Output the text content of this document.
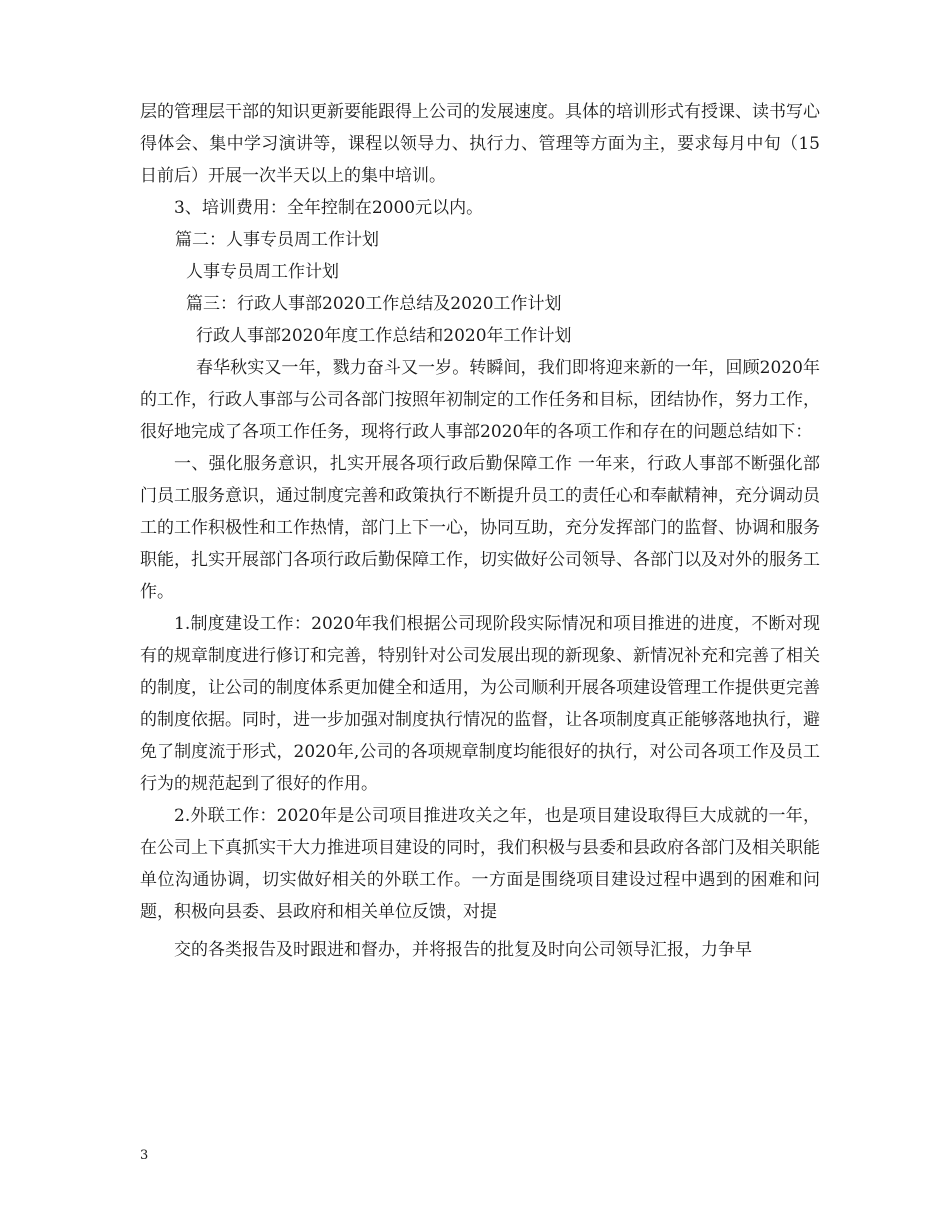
层的管理层干部的知识更新要能跟得上公司的发展速度。具体的培训形式有授课、读书写心得体会、集中学习演讲等，课程以领导力、执行力、管理等方面为主，要求每月中旬（15日前后）开展一次半天以上的集中培训。

3、培训费用：全年控制在2000元以内。

篇二：人事专员周工作计划

人事专员周工作计划

篇三：行政人事部2020工作总结及2020工作计划

行政人事部2020年度工作总结和2020年工作计划

春华秋实又一年，戮力奋斗又一岁。转瞬间，我们即将迎来新的一年，回顾2020年的工作，行政人事部与公司各部门按照年初制定的工作任务和目标，团结协作，努力工作，很好地完成了各项工作任务，现将行政人事部2020年的各项工作和存在的问题总结如下：

一、强化服务意识，扎实开展各项行政后勤保障工作 一年来，行政人事部不断强化部门员工服务意识，通过制度完善和政策执行不断提升员工的责任心和奉献精神，充分调动员工的工作积极性和工作热情，部门上下一心，协同互助，充分发挥部门的监督、协调和服务职能，扎实开展部门各项行政后勤保障工作，切实做好公司领导、各部门以及对外的服务工作。

1.制度建设工作：2020年我们根据公司现阶段实际情况和项目推进的进度，不断对现有的规章制度进行修订和完善，特别针对公司发展出现的新现象、新情况补充和完善了相关的制度，让公司的制度体系更加健全和适用，为公司顺利开展各项建设管理工作提供更完善的制度依据。同时，进一步加强对制度执行情况的监督，让各项制度真正能够落地执行，避免了制度流于形式，2020年,公司的各项规章制度均能很好的执行，对公司各项工作及员工行为的规范起到了很好的作用。

2.外联工作：2020年是公司项目推进攻关之年，也是项目建设取得巨大成就的一年，在公司上下真抓实干大力推进项目建设的同时，我们积极与县委和县政府各部门及相关职能单位沟通协调，切实做好相关的外联工作。一方面是围绕项目建设过程中遇到的困难和问题，积极向县委、县政府和相关单位反馈，对提

交的各类报告及时跟进和督办，并将报告的批复及时向公司领导汇报，力争早

3
